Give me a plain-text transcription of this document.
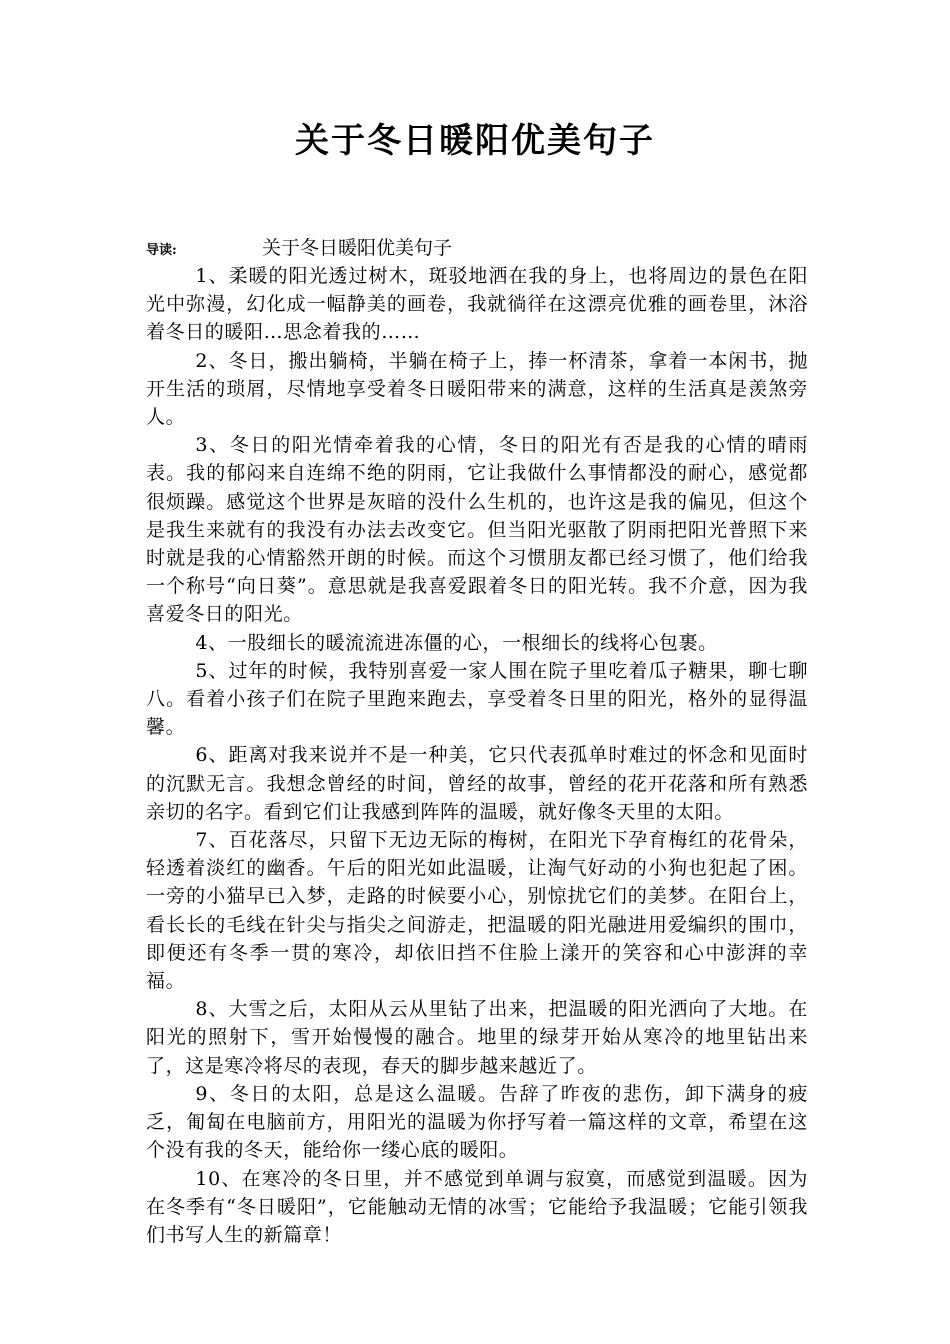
关于冬日暖阳优美句子
导读:	关于冬日暖阳优美句子

1、柔暖的阳光透过树木，斑驳地洒在我的身上，也将周边的景色在阳光中弥漫，幻化成一幅静美的画卷，我就徜徉在这漂亮优雅的画卷里，沐浴着冬日的暖阳…思念着我的……

2、冬日，搬出躺椅，半躺在椅子上，捧一杯清茶，拿着一本闲书，抛开生活的琐屑，尽情地享受着冬日暖阳带来的满意，这样的生活真是羡煞旁人。

3、冬日的阳光情牵着我的心情，冬日的阳光有否是我的心情的晴雨表。我的郁闷来自连绵不绝的阴雨，它让我做什么事情都没的耐心，感觉都很烦躁。感觉这个世界是灰暗的没什么生机的，也许这是我的偏见，但这个是我生来就有的我没有办法去改变它。但当阳光驱散了阴雨把阳光普照下来时就是我的心情豁然开朗的时候。而这个习惯朋友都已经习惯了，他们给我一个称号“向日葵”。意思就是我喜爱跟着冬日的阳光转。我不介意，因为我喜爱冬日的阳光。

4、一股细长的暖流流进冻僵的心，一根细长的线将心包裹。

5、过年的时候，我特别喜爱一家人围在院子里吃着瓜子糖果，聊七聊八。看着小孩子们在院子里跑来跑去，享受着冬日里的阳光，格外的显得温馨。

6、距离对我来说并不是一种美，它只代表孤单时难过的怀念和见面时的沉默无言。我想念曾经的时间，曾经的故事，曾经的花开花落和所有熟悉亲切的名字。看到它们让我感到阵阵的温暖，就好像冬天里的太阳。

7、百花落尽，只留下无边无际的梅树，在阳光下孕育梅红的花骨朵，轻透着淡红的幽香。午后的阳光如此温暖，让淘气好动的小狗也犯起了困。一旁的小猫早已入梦，走路的时候要小心，别惊扰它们的美梦。在阳台上，看长长的毛线在针尖与指尖之间游走，把温暖的阳光融进用爱编织的围巾，即便还有冬季一贯的寒冷，却依旧挡不住脸上漾开的笑容和心中澎湃的幸福。

8、大雪之后，太阳从云从里钻了出来，把温暖的阳光洒向了大地。在阳光的照射下，雪开始慢慢的融合。地里的绿芽开始从寒冷的地里钻出来了，这是寒冷将尽的表现，春天的脚步越来越近了。

9、冬日的太阳，总是这么温暖。告辞了昨夜的悲伤，卸下满身的疲乏，匍匐在电脑前方，用阳光的温暖为你抒写着一篇这样的文章，希望在这个没有我的冬天，能给你一缕心底的暖阳。

10、在寒冷的冬日里，并不感觉到单调与寂寞，而感觉到温暖。因为在冬季有“冬日暖阳”，它能触动无情的冰雪；它能给予我温暖；它能引领我们书写人生的新篇章！
